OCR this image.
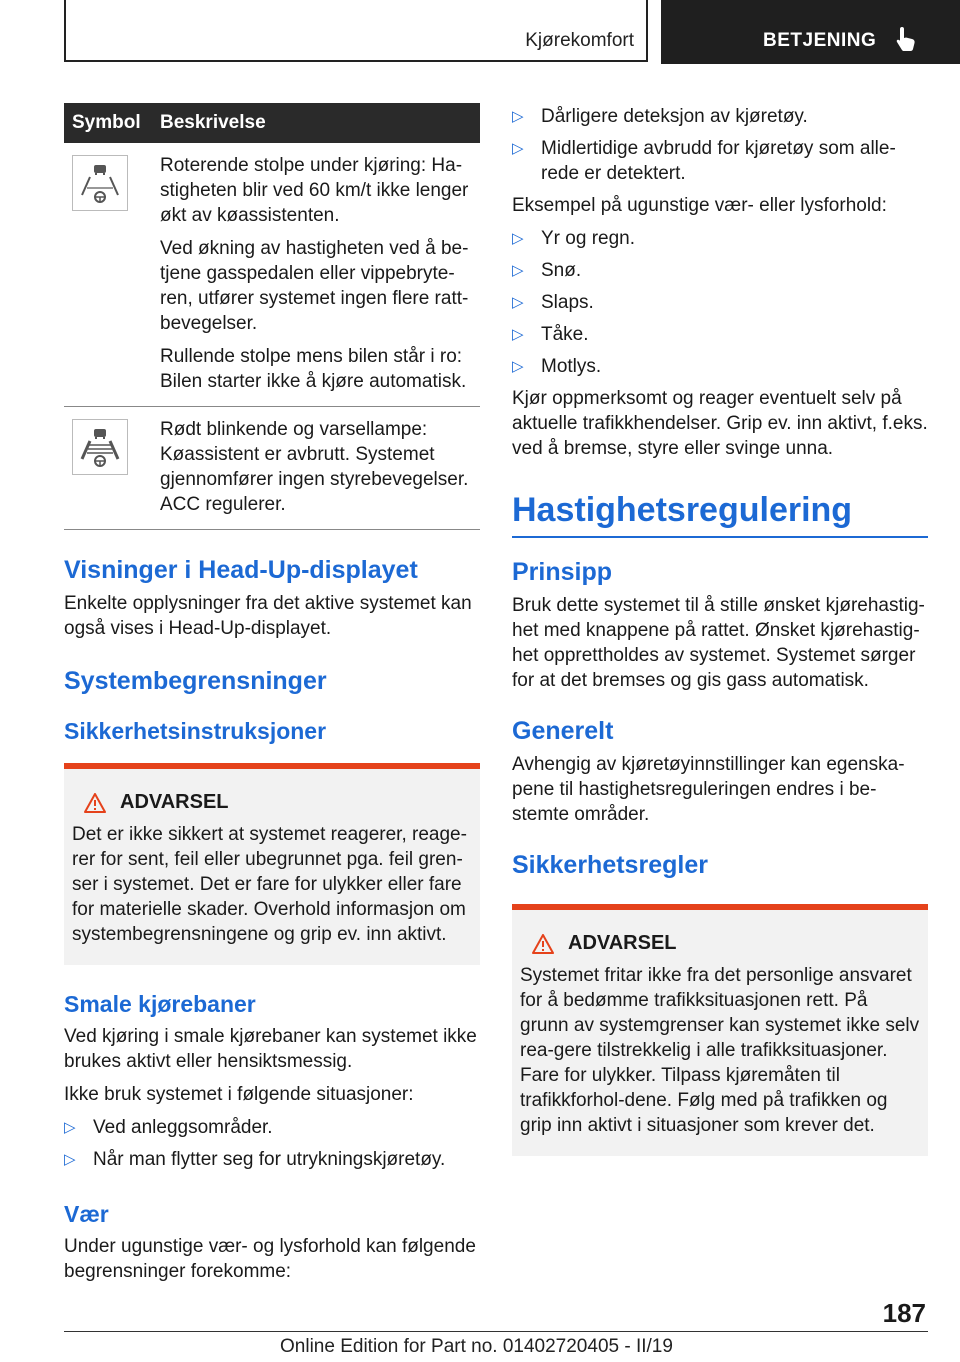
Kjørekomfort	BETJENING
Symbol	Beskrivelse

Roterende stolpe under kjøring: Ha-stigheten blir ved 60 km/t ikke lenger økt av køassistenten.

Ved økning av hastigheten ved å be-tjene gasspedalen eller vippebryte-ren, utfører systemet ingen flere ratt-bevegelser.

Rullende stolpe mens bilen står i ro: Bilen starter ikke å kjøre automatisk.

Rødt blinkende og varsellampe: Køassistent er avbrutt. Systemet gjennomfører ingen styrebevegelser. ACC regulerer.

Visninger i Head-Up-displayet

Enkelte opplysninger fra det aktive systemet kan også vises i Head-Up-displayet.

Systembegrensninger
Sikkerhetsinstruksjoner
ADVARSEL

Det er ikke sikkert at systemet reagerer, reage-rer for sent, feil eller ubegrunnet pga. feil gren-ser i systemet. Det er fare for ulykker eller fare for materielle skader. Overhold informasjon om systembegrensningene og grip ev. inn aktivt.

Smale kjørebaner

Ved kjøring i smale kjørebaner kan systemet ikke brukes aktivt eller hensiktsmessig.

Ikke bruk systemet i følgende situasjoner:

▷ Ved anleggsområder.
▷ Når man flytter seg for utrykningskjøretøy.
Vær

Under ugunstige vær- og lysforhold kan følgende begrensninger forekomme:

▷ Dårligere deteksjon av kjøretøy.
▷ Midlertidige avbrudd for kjøretøy som alle-rede er detektert.

Eksempel på ugunstige vær- eller lysforhold:

▷ Yr og regn.
▷ Snø.
▷ Slaps.
▷ Tåke.
▷ Motlys.

Kjør oppmerksomt og reager eventuelt selv på aktuelle trafikkhendelser. Grip ev. inn aktivt, f.eks. ved å bremse, styre eller svinge unna.

Hastighetsregulering
Prinsipp

Bruk dette systemet til å stille ønsket kjørehastig-het med knappene på rattet. Ønsket kjørehastig-het opprettholdes av systemet. Systemet sørger for at det bremses og gis gass automatisk.

Generelt

Avhengig av kjøretøyinnstillinger kan egenska-pene til hastighetsreguleringen endres i be-stemte områder.

Sikkerhetsregler
ADVARSEL

Systemet fritar ikke fra det personlige ansvaret for å bedømme trafikksituasjonen rett. På grunn av systemgrenser kan systemet ikke selv rea-gere tilstrekkelig i alle trafikksituasjoner. Fare for ulykker. Tilpass kjøremåten til trafikkforhol-dene. Følg med på trafikken og grip inn aktivt i situasjoner som krever det.

187
Online Edition for Part no. 01402720405 - II/19
